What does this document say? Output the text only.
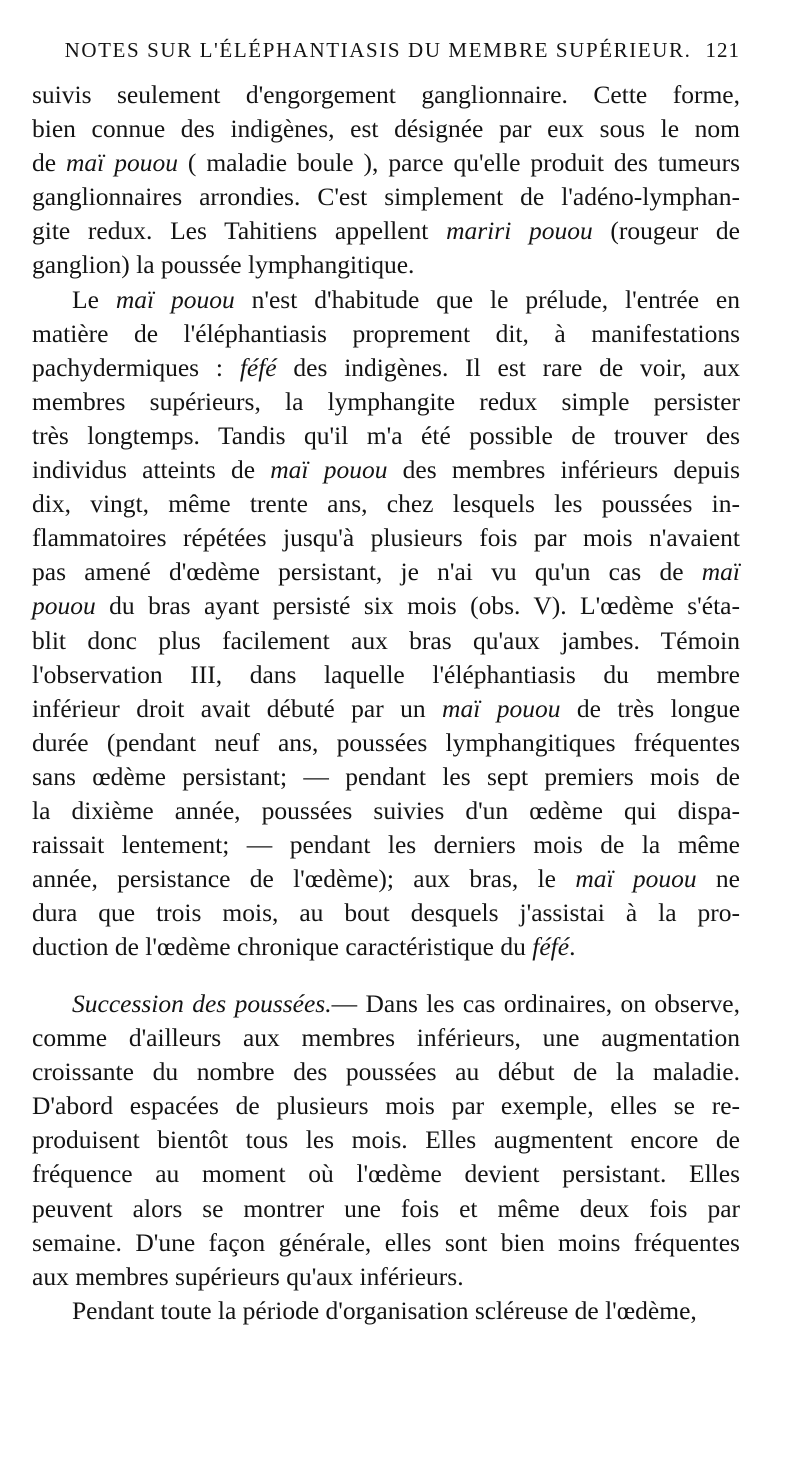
NOTES SUR L'ÉLÉPHANTIASIS DU MEMBRE SUPÉRIEUR. 121
suivis seulement d'engorgement ganglionnaire. Cette forme,
bien connue des indigènes, est désignée par eux sous le nom
de maï pouou ( maladie boule ), parce qu'elle produit des tumeurs
ganglionnaires arrondies. C'est simplement de l'adéno-lymphan-
gite redux. Les Tahitiens appellent mariri pouou (rougeur de
ganglion) la poussée lymphangitique.
Le maï pouou n'est d'habitude que le prélude, l'entrée en
matière de l'éléphantiasis proprement dit, à manifestations
pachydermiques : féfé des indigènes. Il est rare de voir, aux
membres supérieurs, la lymphangite redux simple persister
très longtemps. Tandis qu'il m'a été possible de trouver des
individus atteints de maï pouou des membres inférieurs depuis
dix, vingt, même trente ans, chez lesquels les poussées in-
flammatoires répétées jusqu'à plusieurs fois par mois n'avaient
pas amené d'œdème persistant, je n'ai vu qu'un cas de maï
pouou du bras ayant persisté six mois (obs. V). L'œdème s'éta-
blit donc plus facilement aux bras qu'aux jambes. Témoin
l'observation III, dans laquelle l'éléphantiasis du membre
inférieur droit avait débuté par un maï pouou de très longue
durée (pendant neuf ans, poussées lymphangitiques fréquentes
sans œdème persistant; — pendant les sept premiers mois de
la dixième année, poussées suivies d'un œdème qui dispa-
raissait lentement; — pendant les derniers mois de la même
année, persistance de l'œdème); aux bras, le maï pouou ne
dura que trois mois, au bout desquels j'assistai à la pro-
duction de l'œdème chronique caractéristique du féfé.
Succession des poussées.— Dans les cas ordinaires, on observe,
comme d'ailleurs aux membres inférieurs, une augmentation
croissante du nombre des poussées au début de la maladie.
D'abord espacées de plusieurs mois par exemple, elles se re-
produisent bientôt tous les mois. Elles augmentent encore de
fréquence au moment où l'œdème devient persistant. Elles
peuvent alors se montrer une fois et même deux fois par
semaine. D'une façon générale, elles sont bien moins fréquentes
aux membres supérieurs qu'aux inférieurs.
Pendant toute la période d'organisation scléreuse de l'œdème,
